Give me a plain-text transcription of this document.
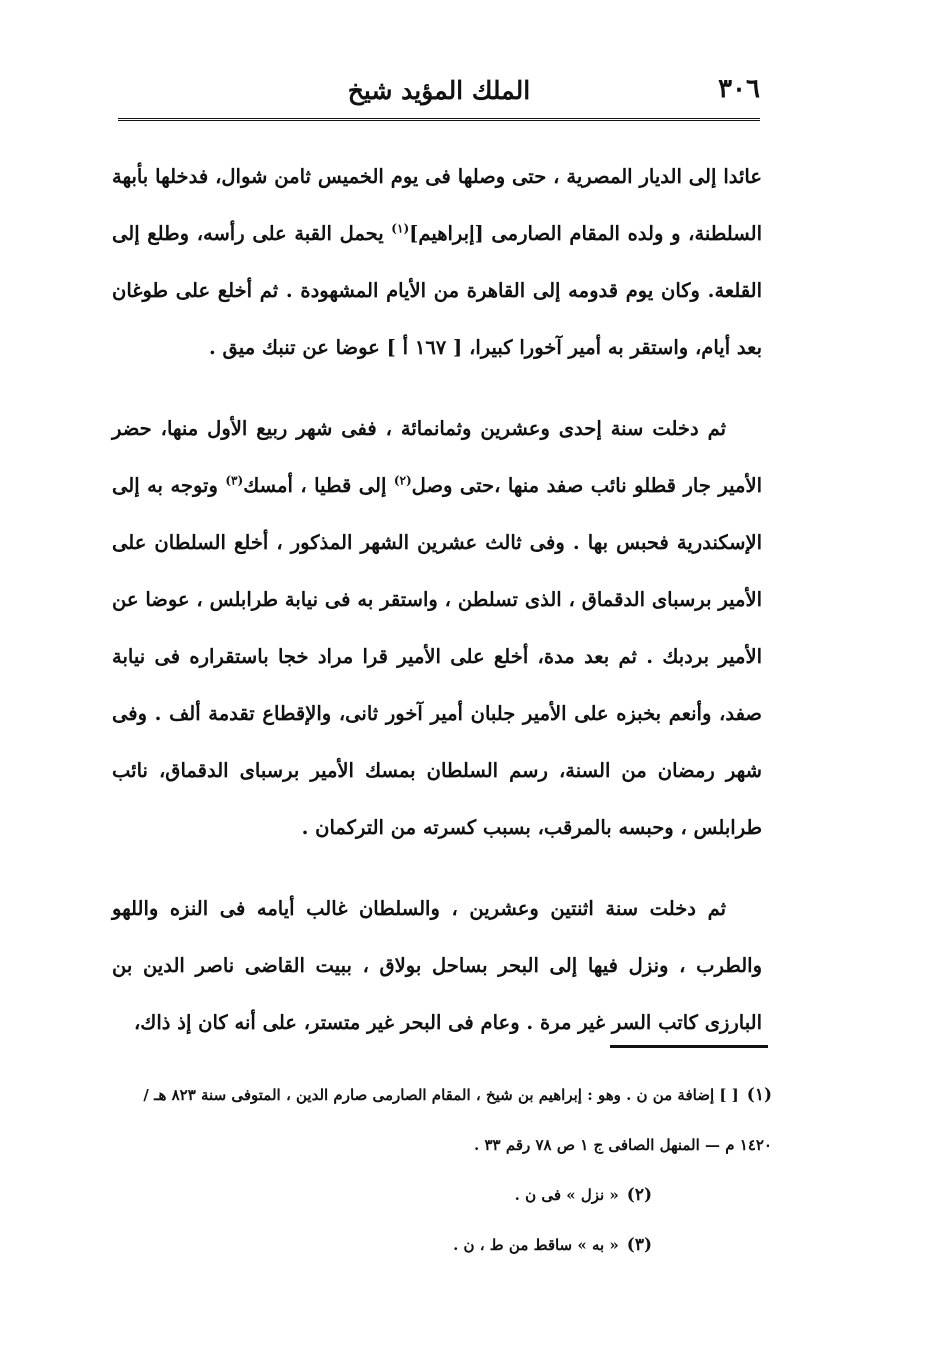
٣٠٦
الملك المؤيد شيخ

عائدا إلى الديار المصرية ، حتى وصلها فى يوم الخميس ثامن شوال، فدخلها بأبهة السلطنة، و ولده المقام الصارمى [إبراهيم]$^{(١)}$ يحمل القبة على رأسه، وطلع إلى القلعة. وكان يوم قدومه إلى القاهرة من الأيام المشهودة . ثم أخلع على طوغان بعد أيام، واستقر به أمير آخورا كبيرا، [ ١٦٧ أ ] عوضا عن تنبك ميق .

ثم دخلت سنة إحدى وعشرين وثمانمائة ، ففى شهر ربيع الأول منها، حضر الأمير جار قطلو نائب صفد منها ،حتى وصل$^{(٢)}$ إلى قطيا ، أمسك$^{(٣)}$ وتوجه به إلى الإسكندرية فحبس بها . وفى ثالث عشرين الشهر المذكور ، أخلع السلطان على الأمير برسباى الدقماق ، الذى تسلطن ، واستقر به فى نيابة طرابلس ، عوضا عن الأمير بردبك . ثم بعد مدة، أخلع على الأمير قرا مراد خجا باستقراره فى نيابة صفد، وأنعم بخبزه على الأمير جلبان أمير آخور ثانى، والإقطاع تقدمة ألف . وفى شهر رمضان من السنة، رسم السلطان بمسك الأمير برسباى الدقماق، نائب طرابلس ، وحبسه بالمرقب، بسبب كسرته من التركمان .

ثم دخلت سنة اثنتين وعشرين ، والسلطان غالب أيامه فى النزه واللهو والطرب ، ونزل فيها إلى البحر بساحل بولاق ، ببيت القاضى ناصر الدين بن البارزى كاتب السر غير مرة . وعام فى البحر غير متستر، على أنه كان إذ ذاك،

(١)[ ] إضافة من ن . وهو : إبراهيم بن شيخ ، المقام الصارمى صارم الدين ، المتوفى سنة ٨٢٣ هـ / ١٤٢٠ م — المنهل الصافى ج ١ ص ٧٨ رقم ٣٣ .

(٢)« نزل » فى ن .

(٣)« به » ساقط من ط ، ن .
